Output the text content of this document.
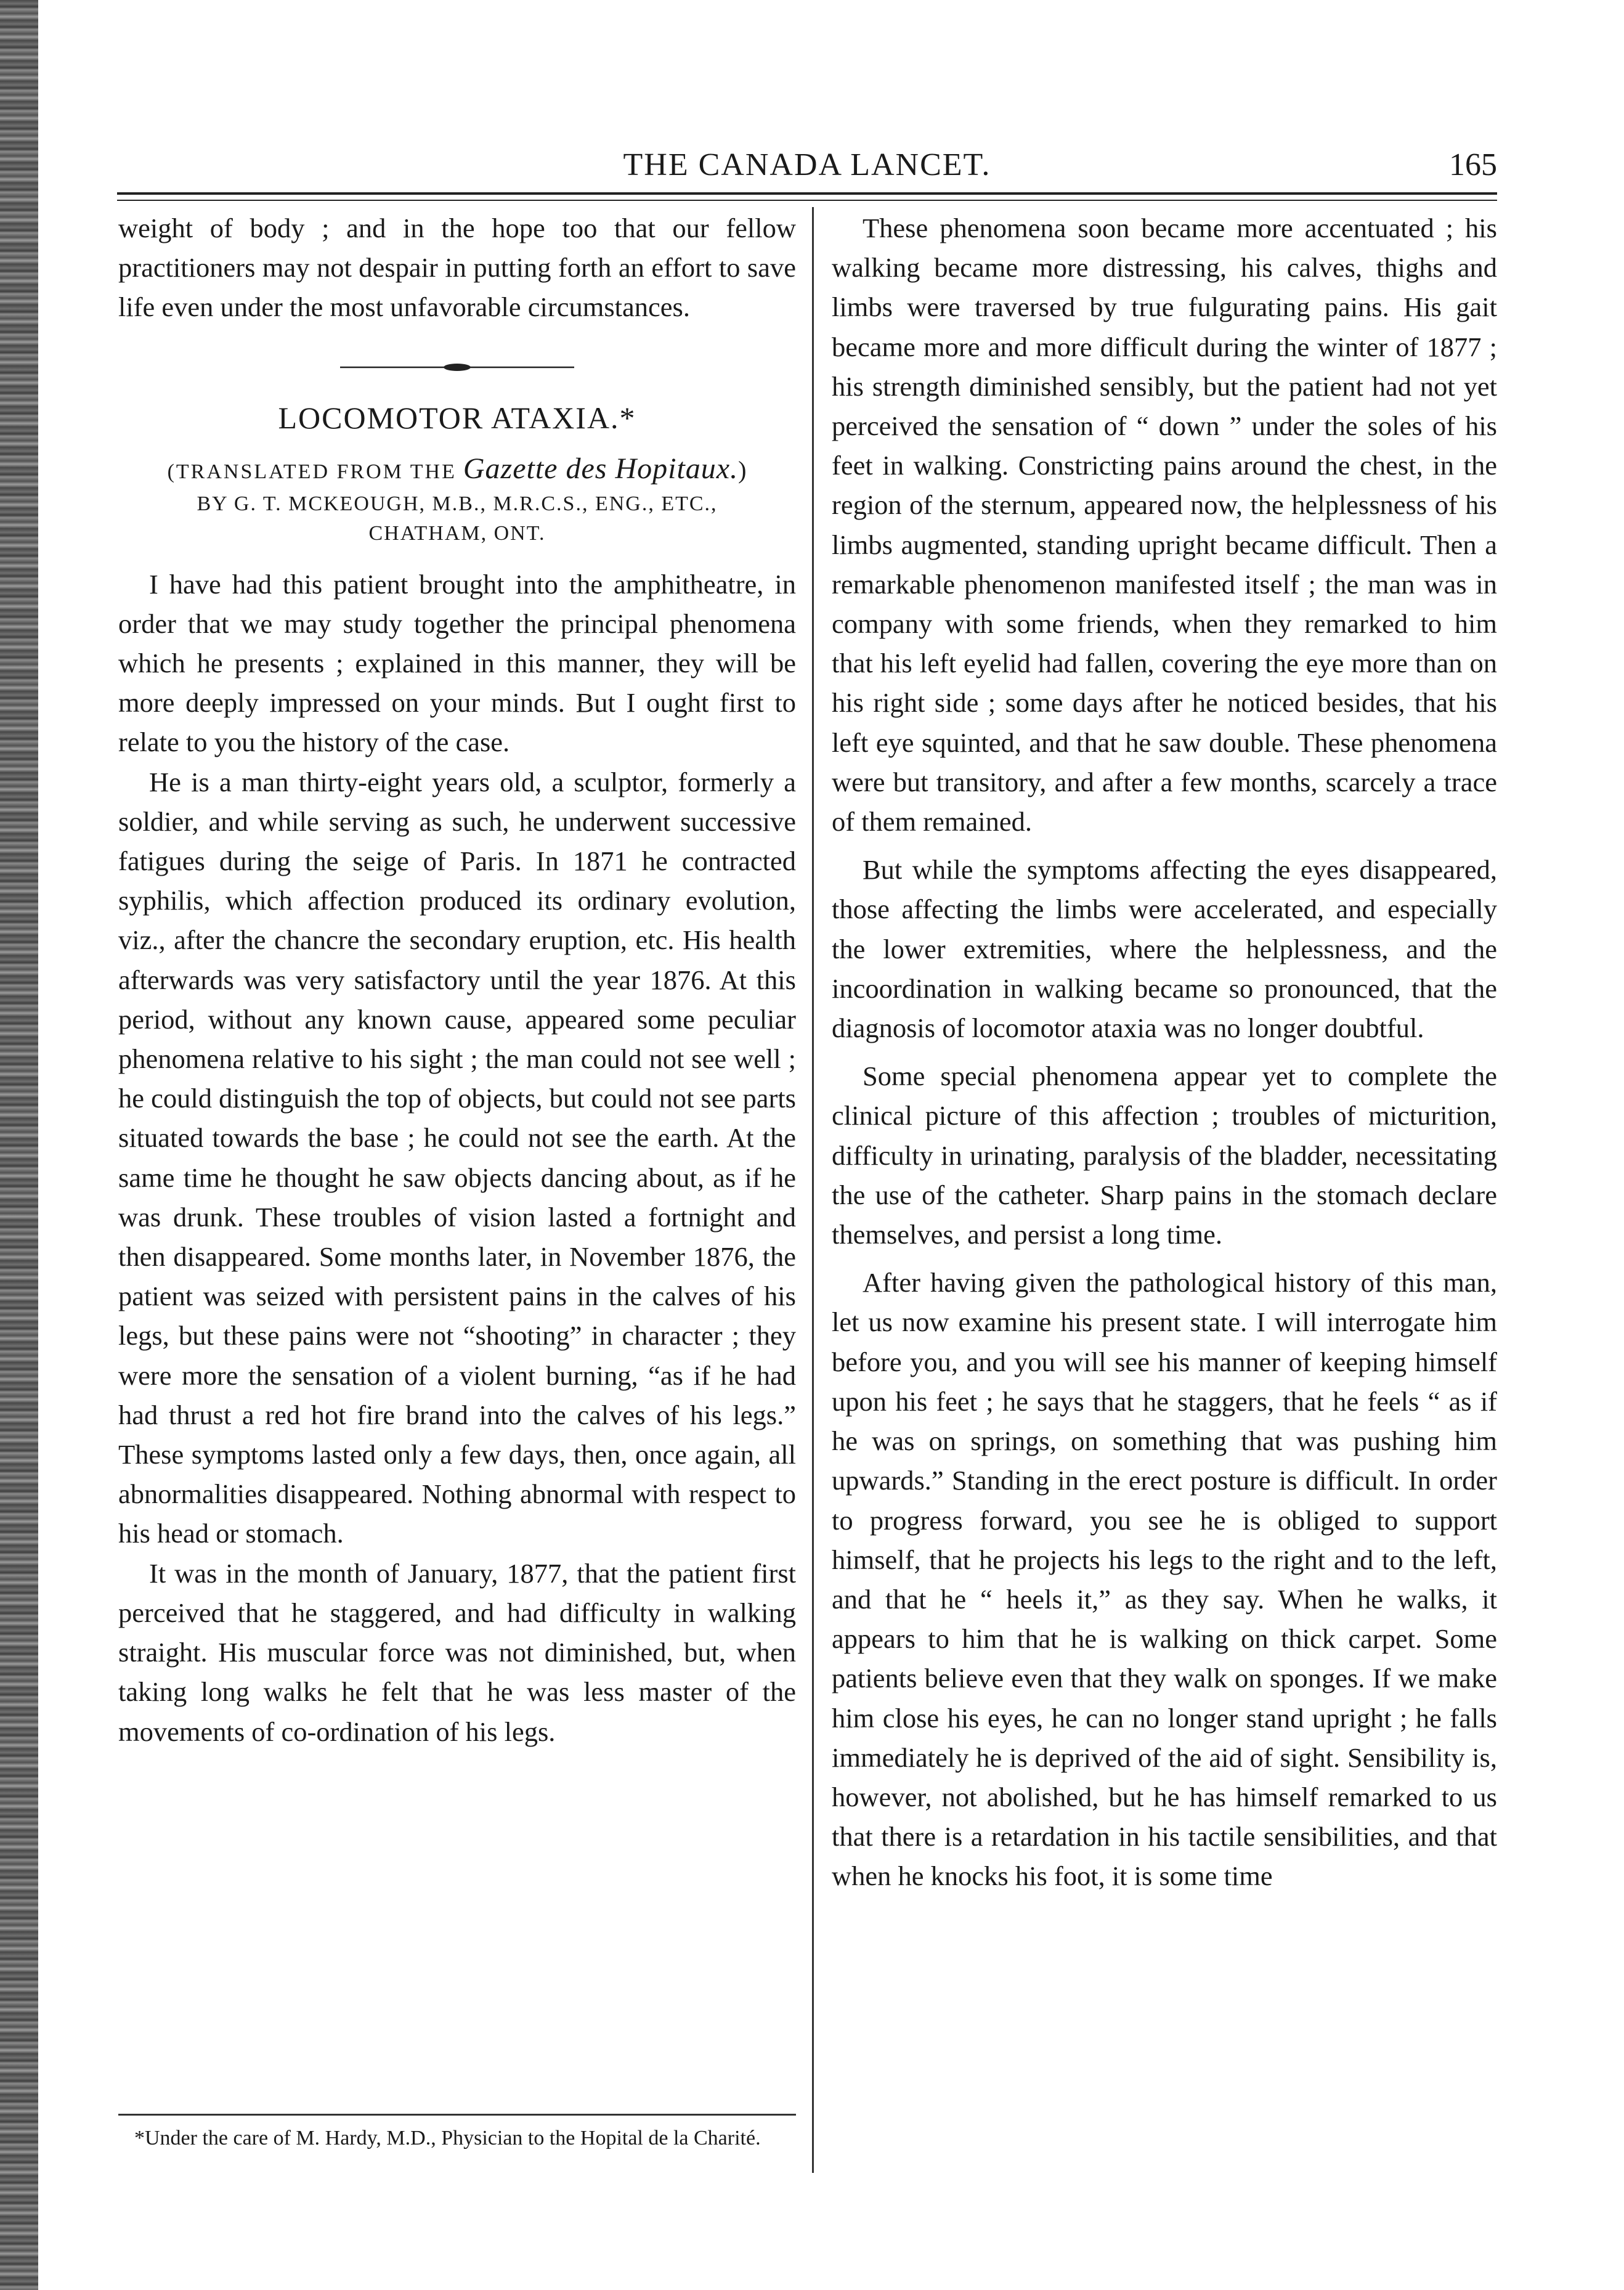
THE CANADA LANCET.	165

weight of body ; and in the hope too that our fellow practitioners may not despair in putting forth an effort to save life even under the most unfavorable circumstances.

LOCOMOTOR ATAXIA.*
(TRANSLATED FROM THE Gazette des Hopitaux.)
BY G. T. MCKEOUGH, M.B., M.R.C.S., ENG., ETC.,
CHATHAM, ONT.

I have had this patient brought into the amphitheatre, in order that we may study together the principal phenomena which he presents ; explained in this manner, they will be more deeply impressed on your minds. But I ought first to relate to you the history of the case.

He is a man thirty-eight years old, a sculptor, formerly a soldier, and while serving as such, he underwent successive fatigues during the seige of Paris. In 1871 he contracted syphilis, which affection produced its ordinary evolution, viz., after the chancre the secondary eruption, etc. His health afterwards was very satisfactory until the year 1876. At this period, without any known cause, appeared some peculiar phenomena relative to his sight ; the man could not see well ; he could distinguish the top of objects, but could not see parts situated towards the base ; he could not see the earth. At the same time he thought he saw objects dancing about, as if he was drunk. These troubles of vision lasted a fortnight and then disappeared. Some months later, in November 1876, the patient was seized with persistent pains in the calves of his legs, but these pains were not “shooting” in character ; they were more the sensation of a violent burning, “as if he had had thrust a red hot fire brand into the calves of his legs.” These symptoms lasted only a few days, then, once again, all abnormalities disappeared. Nothing abnormal with respect to his head or stomach.

It was in the month of January, 1877, that the patient first perceived that he staggered, and had difficulty in walking straight. His muscular force was not diminished, but, when taking long walks he felt that he was less master of the movements of co-ordination of his legs.

These phenomena soon became more accentuated ; his walking became more distressing, his calves, thighs and limbs were traversed by true fulgurating pains. His gait became more and more difficult during the winter of 1877 ; his strength diminished sensibly, but the patient had not yet perceived the sensation of “ down ” under the soles of his feet in walking. Constricting pains around the chest, in the region of the sternum, appeared now, the helplessness of his limbs augmented, standing upright became difficult. Then a remarkable phenomenon manifested itself ; the man was in company with some friends, when they remarked to him that his left eyelid had fallen, covering the eye more than on his right side ; some days after he noticed besides, that his left eye squinted, and that he saw double. These phenomena were but transitory, and after a few months, scarcely a trace of them remained.

But while the symptoms affecting the eyes disappeared, those affecting the limbs were accelerated, and especially the lower extremities, where the helplessness, and the incoordination in walking became so pronounced, that the diagnosis of locomotor ataxia was no longer doubtful.

Some special phenomena appear yet to complete the clinical picture of this affection ; troubles of micturition, difficulty in urinating, paralysis of the bladder, necessitating the use of the catheter. Sharp pains in the stomach declare themselves, and persist a long time.

After having given the pathological history of this man, let us now examine his present state. I will interrogate him before you, and you will see his manner of keeping himself upon his feet ; he says that he staggers, that he feels “ as if he was on springs, on something that was pushing him upwards.” Standing in the erect posture is difficult. In order to progress forward, you see he is obliged to support himself, that he projects his legs to the right and to the left, and that he “ heels it,” as they say. When he walks, it appears to him that he is walking on thick carpet. Some patients believe even that they walk on sponges. If we make him close his eyes, he can no longer stand upright ; he falls immediately he is deprived of the aid of sight. Sensibility is, however, not abolished, but he has himself remarked to us that there is a retardation in his tactile sensibilities, and that when he knocks his foot, it is some time

*Under the care of M. Hardy, M.D., Physician to the Hopital de la Charité.
